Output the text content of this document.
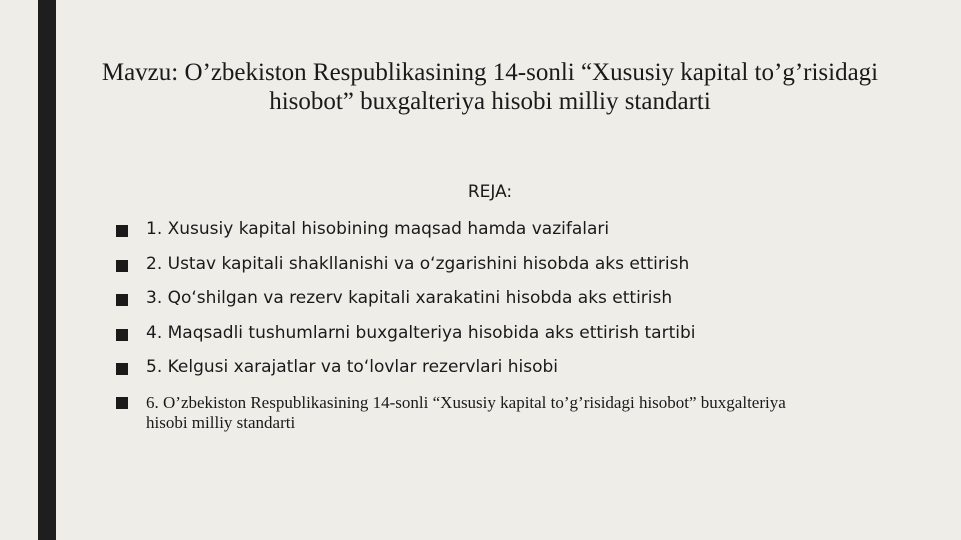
Mavzu: O’zbekiston Respublikasining 14-sonli “Xususiy kapital to’g’risidagi hisobot” buxgalteriya hisobi milliy standarti
REJA:
1. Xususiy kapital hisobining maqsad hamda vazifalari
2. Ustav kapitali shakllanishi va o‘zgarishini hisobda aks ettirish
3. Qo‘shilgan va rezerv kapitali xarakatini hisobda aks ettirish
4. Maqsadli tushumlarni buxgalteriya hisobida aks ettirish tartibi
5. Kelgusi xarajatlar va to‘lovlar rezervlari hisobi
6. O’zbekiston Respublikasining 14-sonli “Xususiy kapital to’g’risidagi hisobot” buxgalteriya hisobi milliy standarti
